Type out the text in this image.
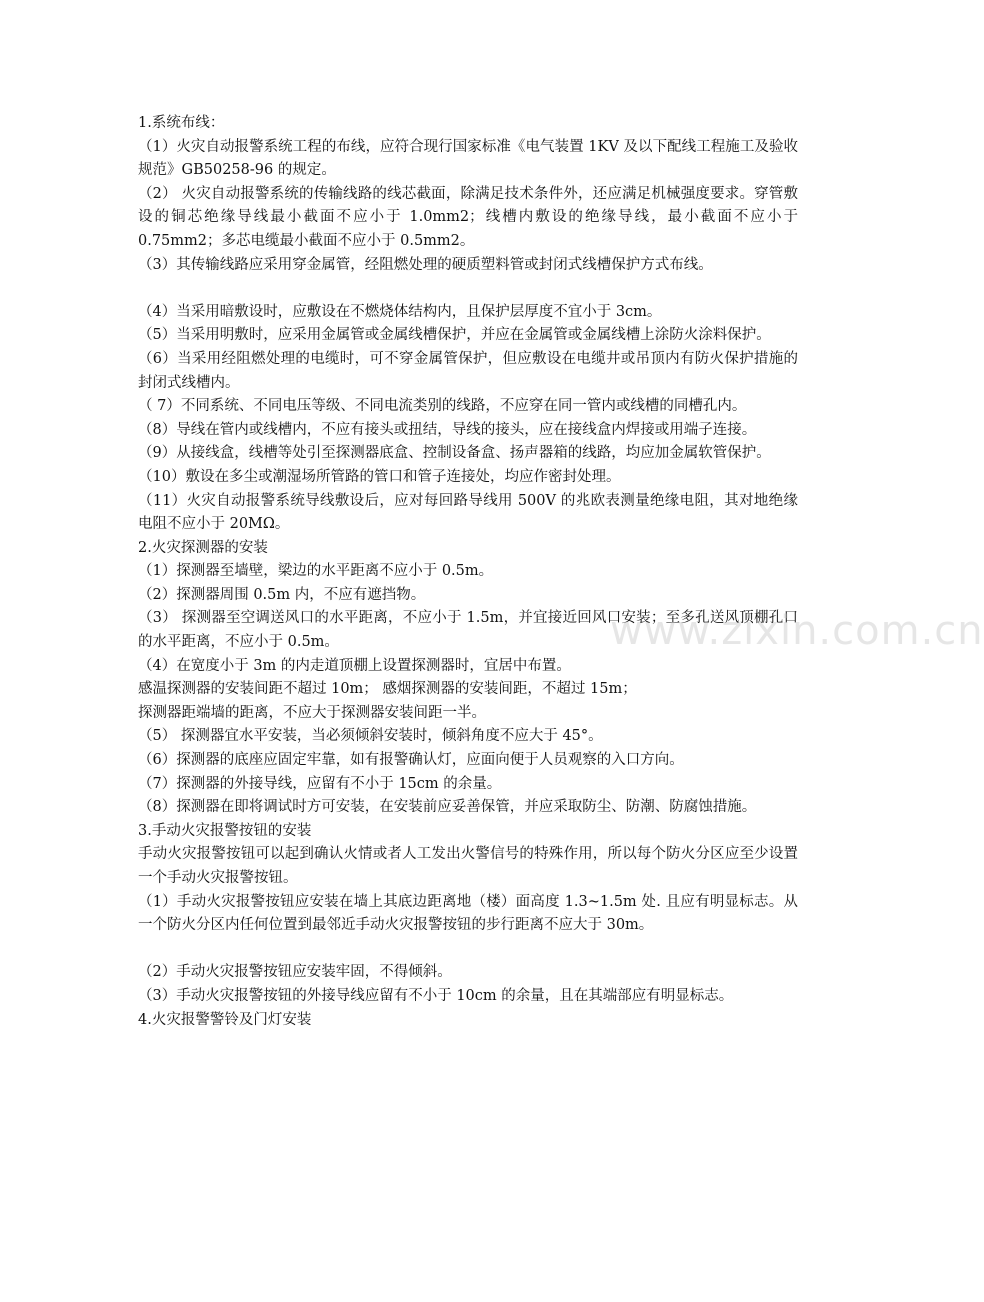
1.系统布线：

（1）火灾自动报警系统工程的布线，应符合现行国家标准《电气装置 1KV 及以下配线工程施工及验收规范》GB50258-96 的规定。

（2） 火灾自动报警系统的传输线路的线芯截面，除满足技术条件外，还应满足机械强度要求。穿管敷设的铜芯绝缘导线最小截面不应小于 1.0mm2；线槽内敷设的绝缘导线，最小截面不应小于 0.75mm2；多芯电缆最小截面不应小于 0.5mm2。

（3）其传输线路应采用穿金属管，经阻燃处理的硬质塑料管或封闭式线槽保护方式布线。

（4）当采用暗敷设时，应敷设在不燃烧体结构内，且保护层厚度不宜小于 3cm。

（5）当采用明敷时，应采用金属管或金属线槽保护，并应在金属管或金属线槽上涂防火涂料保护。

（6）当采用经阻燃处理的电缆时，可不穿金属管保护，但应敷设在电缆井或吊顶内有防火保护措施的封闭式线槽内。

（ 7）不同系统、不同电压等级、不同电流类别的线路，不应穿在同一管内或线槽的同槽孔内。

（8）导线在管内或线槽内，不应有接头或扭结，导线的接头，应在接线盒内焊接或用端子连接。

（9）从接线盒，线槽等处引至探测器底盒、控制设备盒、扬声器箱的线路，均应加金属软管保护。

（10）敷设在多尘或潮湿场所管路的管口和管子连接处，均应作密封处理。

（11）火灾自动报警系统导线敷设后，应对每回路导线用 500V 的兆欧表测量绝缘电阻，其对地绝缘电阻不应小于 20MΩ。

2.火灾探测器的安装

（1）探测器至墙壁，梁边的水平距离不应小于 0.5m。

（2）探测器周围 0.5m 内，不应有遮挡物。

（3） 探测器至空调送风口的水平距离，不应小于 1.5m，并宜接近回风口安装；至多孔送风顶棚孔口的水平距离，不应小于 0.5m。

（4）在宽度小于 3m 的内走道顶棚上设置探测器时，宜居中布置。

感温探测器的安装间距不超过 10m； 感烟探测器的安装间距，不超过 15m；

探测器距端墙的距离，不应大于探测器安装间距一半。

（5） 探测器宜水平安装，当必须倾斜安装时，倾斜角度不应大于 45°。

（6）探测器的底座应固定牢靠，如有报警确认灯，应面向便于人员观察的入口方向。

（7）探测器的外接导线，应留有不小于 15cm 的余量。

（8）探测器在即将调试时方可安装，在安装前应妥善保管，并应采取防尘、防潮、防腐蚀措施。

3.手动火灾报警按钮的安装

手动火灾报警按钮可以起到确认火情或者人工发出火警信号的特殊作用，所以每个防火分区应至少设置一个手动火灾报警按钮。

（1）手动火灾报警按钮应安装在墙上其底边距离地（楼）面高度 1.3~1.5m 处. 且应有明显标志。从一个防火分区内任何位置到最邻近手动火灾报警按钮的步行距离不应大于 30m。

（2）手动火灾报警按钮应安装牢固，不得倾斜。

（3）手动火灾报警按钮的外接导线应留有不小于 10cm 的余量，且在其端部应有明显标志。

4.火灾报警警铃及门灯安装

www.zixin.com.cn
